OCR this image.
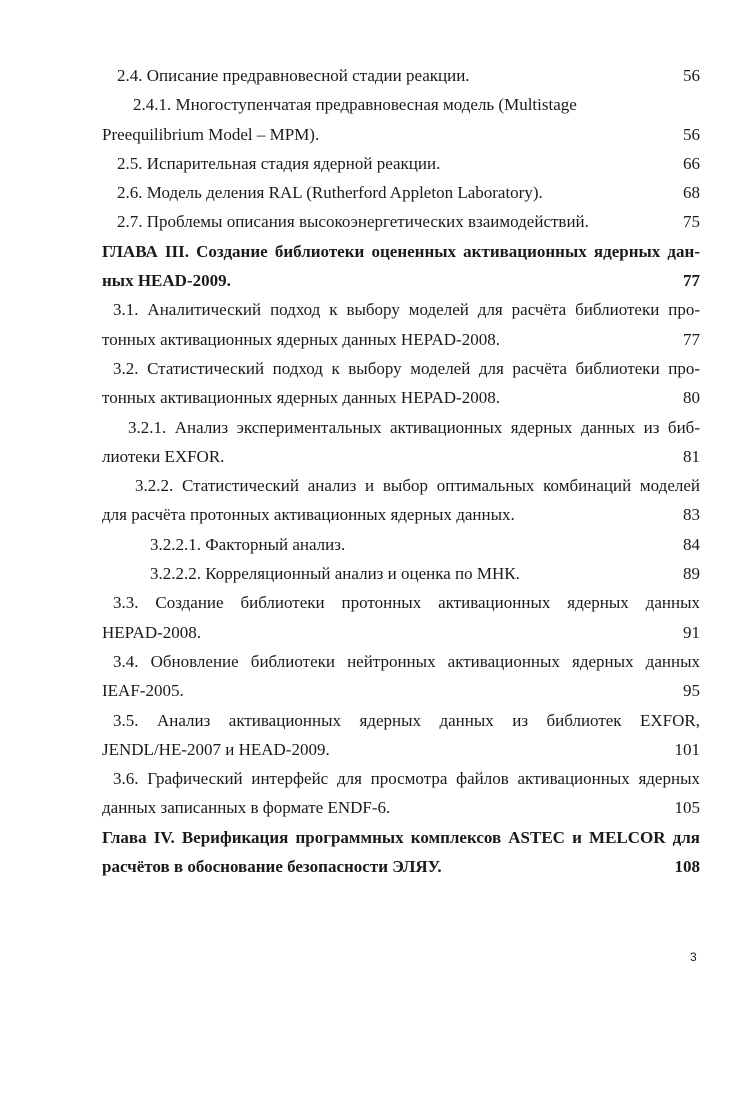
2.4. Описание предравновесной стадии реакции.	56
2.4.1. Многоступенчатая предравновесная модель (Multistage
Preequilibrium Model – MPM).	56
2.5. Испарительная стадия ядерной реакции.	66
2.6. Модель деления RAL (Rutherford Appleton Laboratory).	68
2.7. Проблемы описания высокоэнергетических взаимодействий.	75
ГЛАВА III. Создание библиотеки оцененных активационных ядерных дан-
ных HEAD-2009.	77
3.1. Аналитический подход к выбору моделей для расчёта библиотеки про-
тонных активационных ядерных данных HEPAD-2008.	77
3.2. Статистический подход к выбору моделей для расчёта библиотеки про-
тонных активационных ядерных данных HEPAD-2008.	80
3.2.1. Анализ экспериментальных активационных ядерных данных из биб-
лиотеки EXFOR.	81
3.2.2. Статистический анализ и выбор оптимальных комбинаций моделей
для расчёта протонных активационных ядерных данных.	83
3.2.2.1. Факторный анализ.	84
3.2.2.2. Корреляционный анализ и оценка по МНК.	89
3.3. Создание библиотеки протонных активационных ядерных данных
HEPAD-2008.	91
3.4. Обновление библиотеки нейтронных активационных ядерных данных
IEAF-2005.	95
3.5. Анализ активационных ядерных данных из библиотек EXFOR,
JENDL/HE-2007 и HEAD-2009.	101
3.6. Графический интерфейс для просмотра файлов активационных ядерных
данных записанных в формате ENDF-6.	105
Глава IV. Верификация программных комплексов ASTEC и MELCOR для
расчётов в обоснование безопасности ЭЛЯУ.	108
3
